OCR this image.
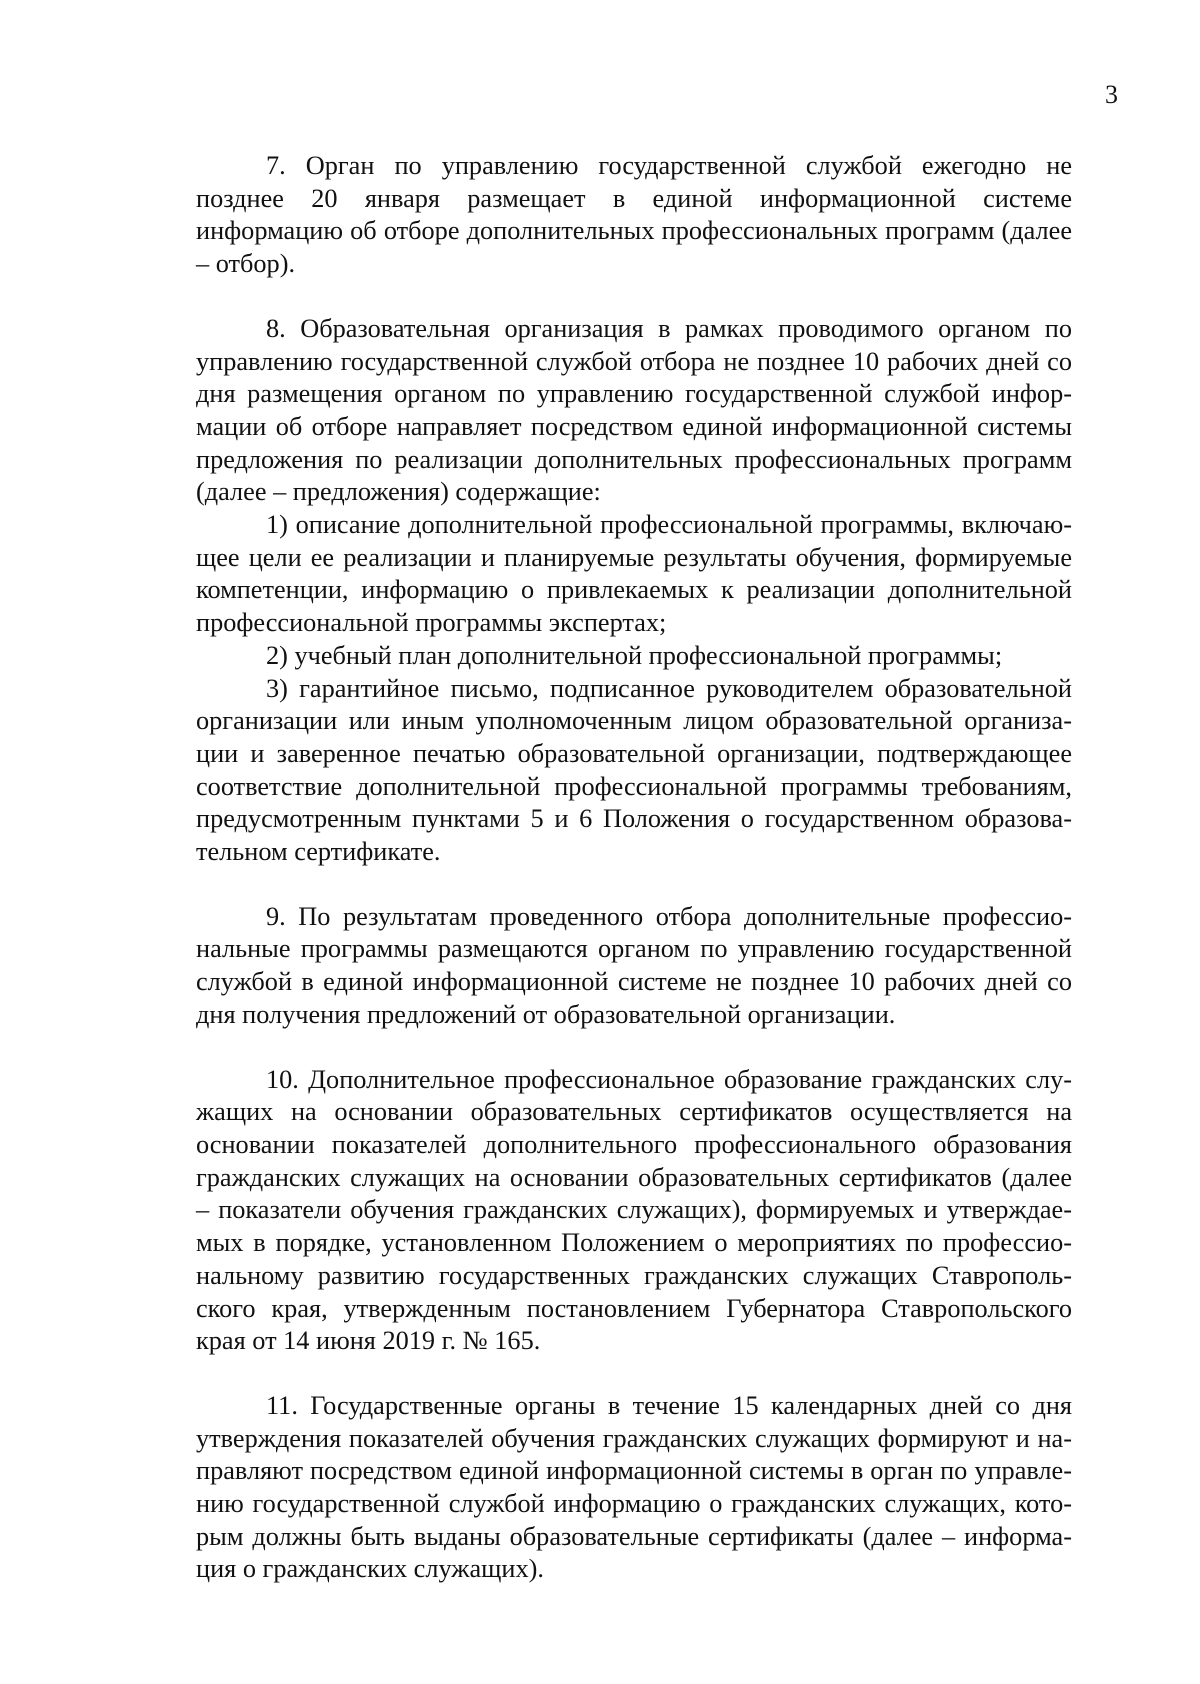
3

7. Орган по управлению государственной службой ежегодно не позднее 20 января размещает в единой информационной системе информацию об отборе дополнительных профессиональных программ (далее – отбор).

8. Образовательная организация в рамках проводимого органом по управлению государственной службой отбора не позднее 10 рабочих дней со дня размещения органом по управлению государственной службой информации об отборе направляет посредством единой информационной системы предложения по реализации дополнительных профессиональных программ (далее – предложения) содержащие:

1) описание дополнительной профессиональной программы, включающее цели ее реализации и планируемые результаты обучения, формируемые компетенции, информацию о привлекаемых к реализации дополнительной профессиональной программы экспертах;

2) учебный план дополнительной профессиональной программы;

3) гарантийное письмо, подписанное руководителем образовательной организации или иным уполномоченным лицом образовательной организации и заверенное печатью образовательной организации, подтверждающее соответствие дополнительной профессиональной программы требованиям, предусмотренным пунктами 5 и 6 Положения о государственном образовательном сертификате.

9. По результатам проведенного отбора дополнительные профессиональные программы размещаются органом по управлению государственной службой в единой информационной системе не позднее 10 рабочих дней со дня получения предложений от образовательной организации.

10. Дополнительное профессиональное образование гражданских служащих на основании образовательных сертификатов осуществляется на основании показателей дополнительного профессионального образования гражданских служащих на основании образовательных сертификатов (далее – показатели обучения гражданских служащих), формируемых и утверждаемых в порядке, установленном Положением о мероприятиях по профессиональному развитию государственных гражданских служащих Ставропольского края, утвержденным постановлением Губернатора Ставропольского края от 14 июня 2019 г. № 165.

11. Государственные органы в течение 15 календарных дней со дня утверждения показателей обучения гражданских служащих формируют и направляют посредством единой информационной системы в орган по управлению государственной службой информацию о гражданских служащих, которым должны быть выданы образовательные сертификаты (далее – информация о гражданских служащих).
